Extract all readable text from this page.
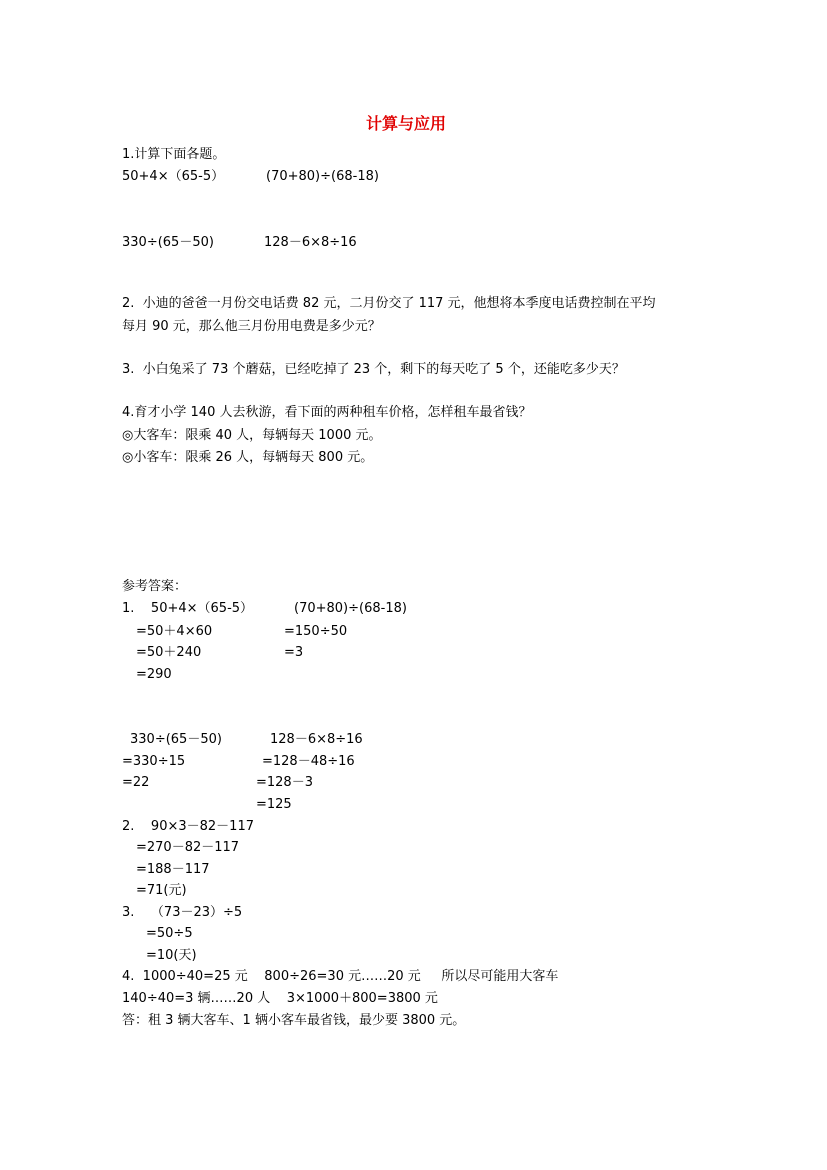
计算与应用
1.计算下面各题。
50+4×（65-5）	(70+80)÷(68-18)
330÷(65－50)	128－6×8÷16
2.  小迪的爸爸一月份交电话费 82 元，二月份交了 117 元，他想将本季度电话费控制在平均
每月 90 元，那么他三月份用电费是多少元？
3.  小白兔采了 73 个蘑菇，已经吃掉了 23 个，剩下的每天吃了 5 个，还能吃多少天？
4.育才小学 140 人去秋游，看下面的两种租车价格，怎样租车最省钱？
◎大客车：限乘 40 人，每辆每天 1000 元。
◎小客车：限乘 26 人，每辆每天 800 元。
参考答案：
1.    50+4×（65-5）	(70+80)÷(68-18)
=50＋4×60	=150÷50
=50＋240	=3
=290
330÷(65－50)	128－6×8÷16
=330÷15	=128－48÷16
=22	=128－3
=125
2.    90×3－82－117
=270－82－117
=188－117
=71(元)
3.    （73－23）÷5
=50÷5
=10(天)
4.  1000÷40=25 元    800÷26=30 元……20 元     所以尽可能用大客车
140÷40=3 辆……20 人    3×1000＋800=3800 元
答：租 3 辆大客车、1 辆小客车最省钱，最少要 3800 元。
